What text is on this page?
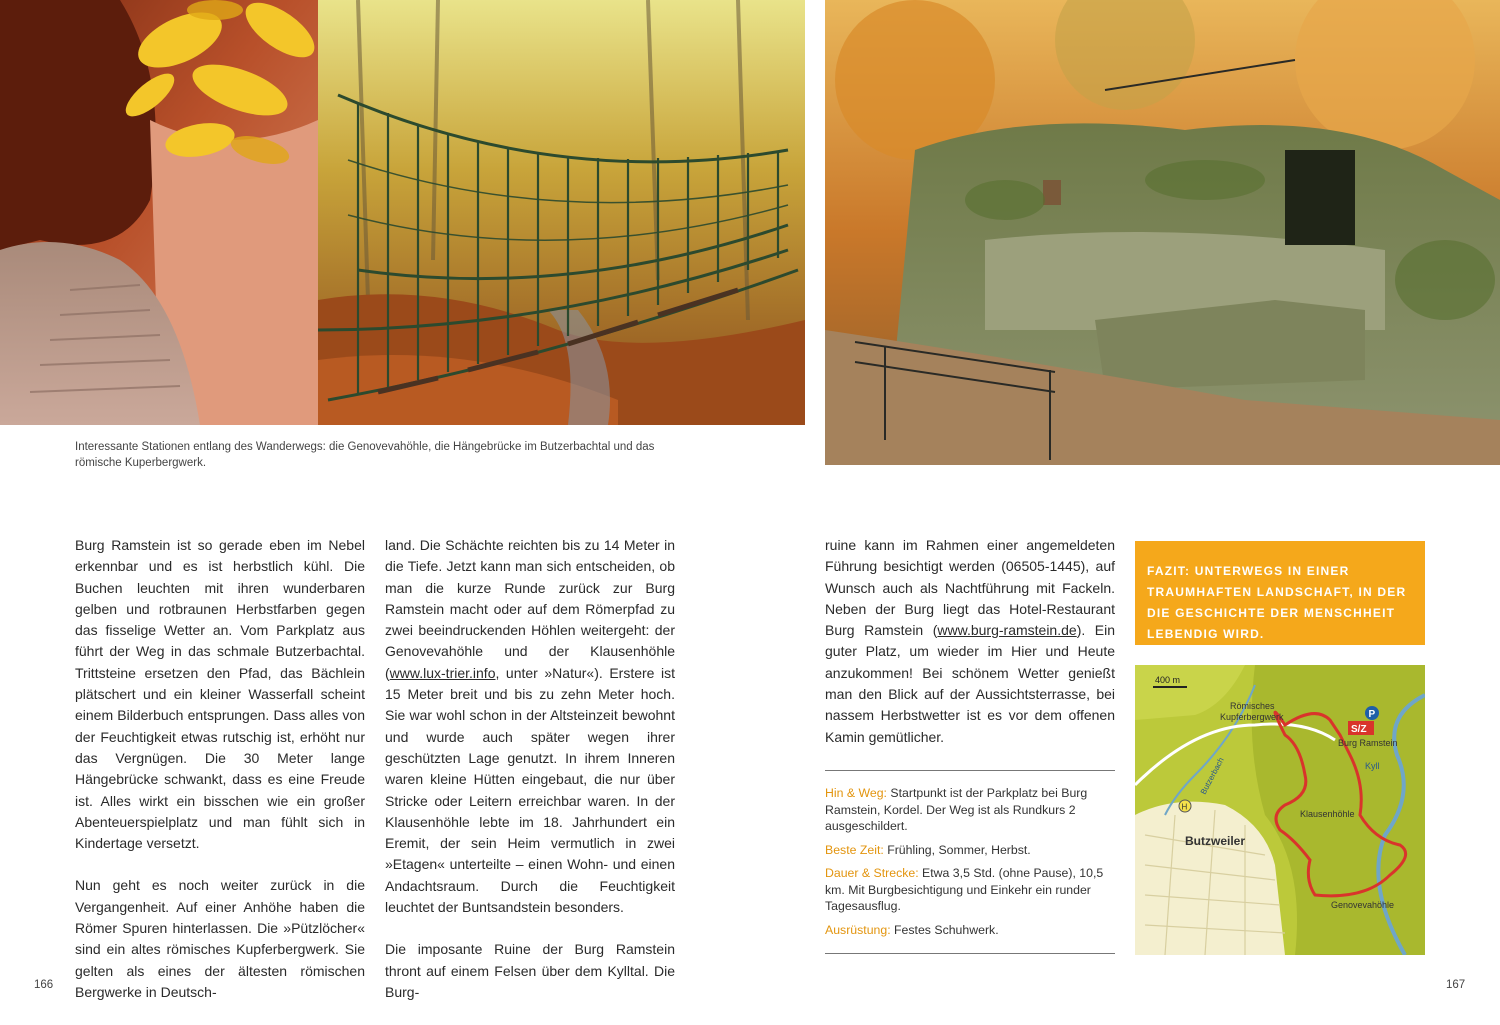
Interessante Stationen entlang des Wanderwegs: die Genovevahöhle, die Hängebrücke im Butzerbachtal und das römische Kuperbergwerk.

Burg Ramstein ist so gerade eben im Nebel erkennbar und es ist herbstlich kühl. Die Buchen leuchten mit ihren wunderbaren gelben und rotbraunen Herbstfarben gegen das fisselige Wetter an. Vom Parkplatz aus führt der Weg in das schmale Butzerbachtal. Trittsteine ersetzen den Pfad, das Bächlein plätschert und ein kleiner Wasserfall scheint einem Bilderbuch entsprungen. Dass alles von der Feuchtigkeit etwas rutschig ist, erhöht nur das Vergnügen. Die 30 Meter lange Hängebrücke schwankt, dass es eine Freude ist. Alles wirkt ein bisschen wie ein großer Abenteuerspielplatz und man fühlt sich in Kindertage versetzt.

Nun geht es noch weiter zurück in die Vergangenheit. Auf einer Anhöhe haben die Römer Spuren hinterlassen. Die »Pützlöcher« sind ein altes römisches Kupferbergwerk. Sie gelten als eines der ältesten römischen Bergwerke in Deutsch-

land. Die Schächte reichten bis zu 14 Meter in die Tiefe. Jetzt kann man sich entscheiden, ob man die kurze Runde zurück zur Burg Ramstein macht oder auf dem Römerpfad zu zwei beeindruckenden Höhlen weitergeht: der Genovevahöhle und der Klausenhöhle (www.lux-trier.info, unter »Natur«). Erstere ist 15 Meter breit und bis zu zehn Meter hoch. Sie war wohl schon in der Altsteinzeit bewohnt und wurde auch später wegen ihrer geschützten Lage genutzt. In ihrem Inneren waren kleine Hütten eingebaut, die nur über Stricke oder Leitern erreichbar waren. In der Klausenhöhle lebte im 18. Jahrhundert ein Eremit, der sein Heim vermutlich in zwei »Etagen« unterteilte – einen Wohn- und einen Andachtsraum. Durch die Feuchtigkeit leuchtet der Buntsandstein besonders.

Die imposante Ruine der Burg Ramstein thront auf einem Felsen über dem Kylltal. Die Burg-

ruine kann im Rahmen einer angemeldeten Führung besichtigt werden (06505-1445), auf Wunsch auch als Nachtführung mit Fackeln. Neben der Burg liegt das Hotel-Restaurant Burg Ramstein (www.burg-ramstein.de). Ein guter Platz, um wieder im Hier und Heute anzukommen! Bei schönem Wetter genießt man den Blick auf der Aussichtsterrasse, bei nassem Herbstwetter ist es vor dem offenen Kamin gemütlicher.

Hin & Weg: Startpunkt ist der Parkplatz bei Burg Ramstein, Kordel. Der Weg ist als Rundkurs 2 ausgeschildert.
Beste Zeit: Frühling, Sommer, Herbst.
Dauer & Strecke: Etwa 3,5 Std. (ohne Pause), 10,5 km. Mit Burgbesichtigung und Einkehr ein runder Tagesausflug.
Ausrüstung: Festes Schuhwerk.
FAZIT: UNTERWEGS IN EINER TRAUMHAFTEN LANDSCHAFT, IN DER DIE GESCHICHTE DER MENSCHHEIT LEBENDIG WIRD.
400 m
P
S/Z
Römisches
Kupferbergwerk
Burg Ramstein
Kyll
Butzerbach
Klausenhöhle
Butzweiler
Genovevahöhle
H
166	167
